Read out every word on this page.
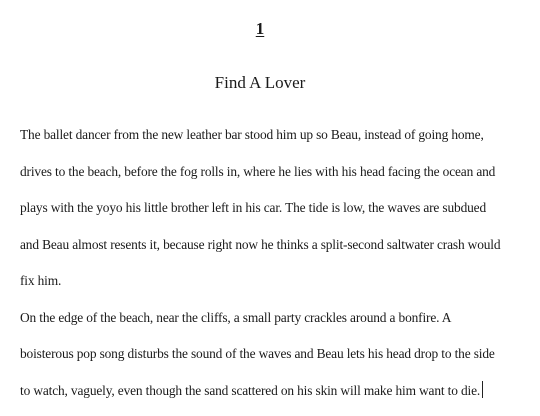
1
Find A Lover

The ballet dancer from the new leather bar stood him up so Beau, instead of going home,
drives to the beach, before the fog rolls in, where he lies with his head facing the ocean and
plays with the yoyo his little brother left in his car. The tide is low, the waves are subdued
and Beau almost resents it, because right now he thinks a split-second saltwater crash would
fix him.

On the edge of the beach, near the cliffs, a small party crackles around a bonfire. A
boisterous pop song disturbs the sound of the waves and Beau lets his head drop to the side
to watch, vaguely, even though the sand scattered on his skin will make him want to die.
